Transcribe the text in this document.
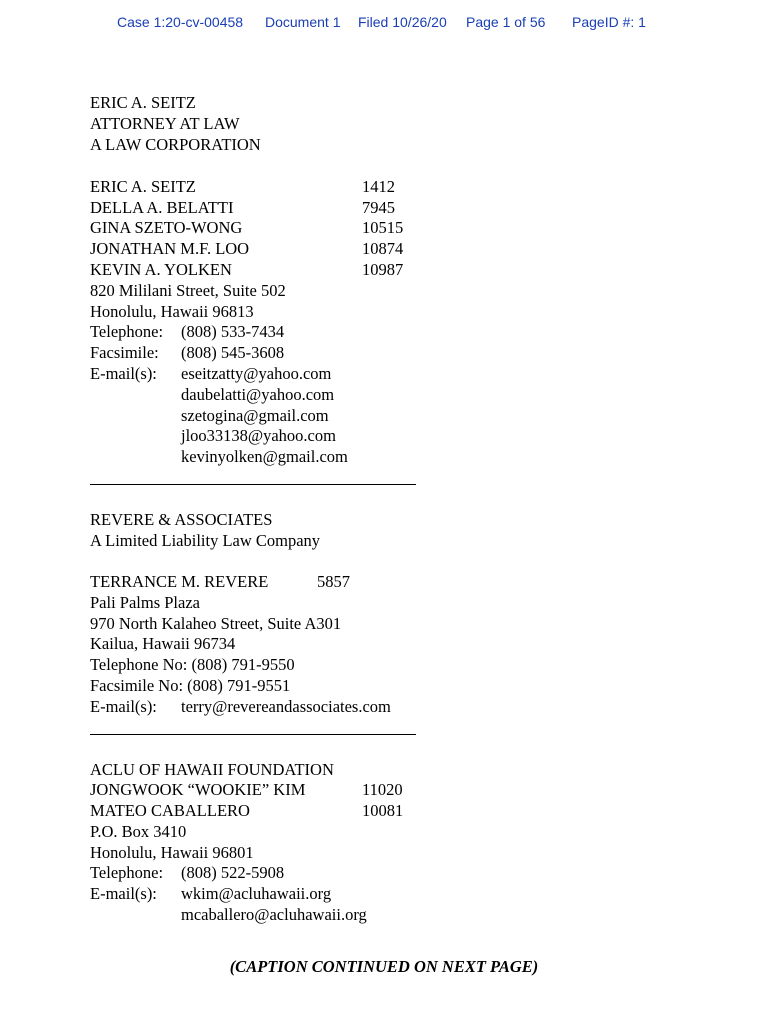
Case 1:20-cv-00458 Document 1 Filed 10/26/20 Page 1 of 56 PageID #: 1
ERIC A. SEITZ
ATTORNEY AT LAW
A LAW CORPORATION
ERIC A. SEITZ	1412
DELLA A. BELATTI	7945
GINA SZETO-WONG	10515
JONATHAN M.F. LOO	10874
KEVIN A. YOLKEN	10987
820 Mililani Street, Suite 502
Honolulu, Hawaii 96813
Telephone: (808) 533-7434
Facsimile: (808) 545-3608
E-mail(s): eseitzatty@yahoo.com
daubelatti@yahoo.com
szetogina@gmail.com
jloo33138@yahoo.com
kevinyolken@gmail.com
REVERE & ASSOCIATES
A Limited Liability Law Company
TERRANCE M. REVERE	5857
Pali Palms Plaza
970 North Kalaheo Street, Suite A301
Kailua, Hawaii 96734
Telephone No: (808) 791-9550
Facsimile No: (808) 791-9551
E-mail(s): terry@revereandassociates.com
ACLU OF HAWAII FOUNDATION
JONGWOOK “WOOKIE” KIM	11020
MATEO CABALLERO	10081
P.O. Box 3410
Honolulu, Hawaii 96801
Telephone: (808) 522-5908
E-mail(s): wkim@acluhawaii.org
mcaballero@acluhawaii.org
(CAPTION CONTINUED ON NEXT PAGE)
